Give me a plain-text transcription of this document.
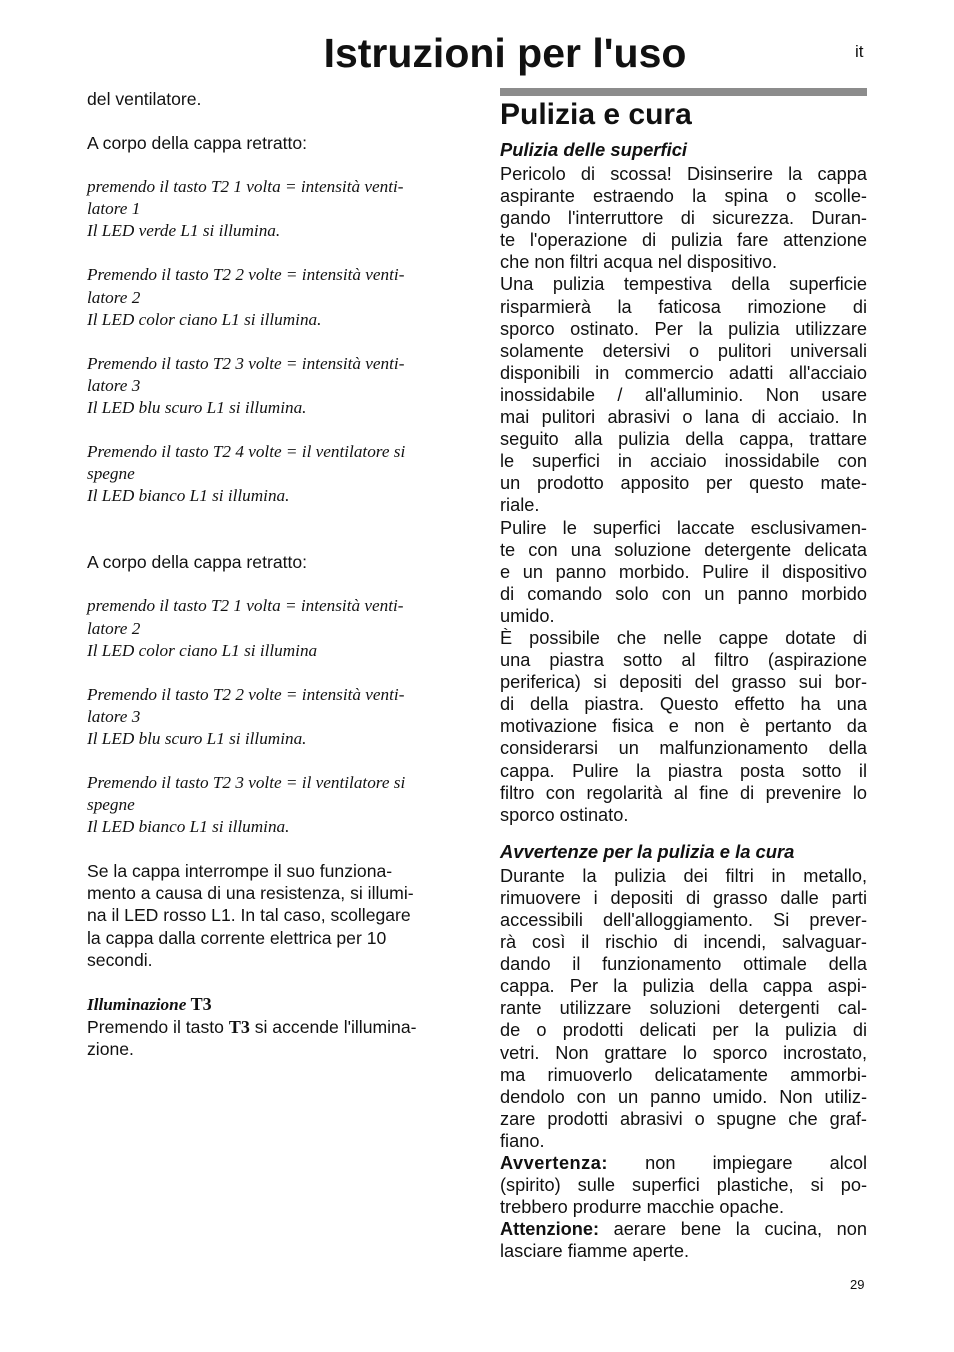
Istruzioni per l'uso	it
del ventilatore.
A corpo della cappa retratto:
premendo il tasto T2 1 volta = intensità venti-
latore 1
Il LED verde L1 si illumina.
Premendo il tasto T2 2 volte = intensità venti-
latore 2
Il LED color ciano L1 si illumina.
Premendo il tasto T2 3 volte = intensità venti-
latore 3
Il LED blu scuro L1 si illumina.
Premendo il tasto T2 4 volte = il ventilatore si
spegne
Il LED bianco L1 si illumina.
A corpo della cappa retratto:
premendo il tasto T2 1 volta = intensità venti-
latore 2
Il LED color ciano L1 si illumina
Premendo il tasto T2 2 volte = intensità venti-
latore 3
Il LED blu scuro L1 si illumina.
Premendo il tasto T2 3 volte = il ventilatore si
spegne
Il LED bianco L1 si illumina.
Se la cappa interrompe il suo funziona-
mento a causa di una resistenza, si illumi-
na il LED rosso L1. In tal caso, scollegare
la cappa dalla corrente elettrica per 10
secondi.
Illuminazione T3
Premendo il tasto T3 si accende l'illumina-
zione.
Pulizia e cura
Pulizia delle superfici
Pericolo di scossa! Disinserire la cappa
aspirante estraendo la spina o scolle-
gando l'interruttore di sicurezza. Duran-
te l'operazione di pulizia fare attenzione
che non filtri acqua nel dispositivo.
Una pulizia tempestiva della superficie
risparmierà la faticosa rimozione di
sporco ostinato. Per la pulizia utilizzare
solamente detersivi o pulitori universali
disponibili in commercio adatti all'acciaio
inossidabile / all'alluminio. Non usare
mai pulitori abrasivi o lana di acciaio. In
seguito alla pulizia della cappa, trattare
le superfici in acciaio inossidabile con
un prodotto apposito per questo mate-
riale.
Pulire le superfici laccate esclusivamen-
te con una soluzione detergente delicata
e un panno morbido. Pulire il dispositivo
di comando solo con un panno morbido
umido.
È possibile che nelle cappe dotate di
una piastra sotto al filtro (aspirazione
periferica) si depositi del grasso sui bor-
di della piastra. Questo effetto ha una
motivazione fisica e non è pertanto da
considerarsi un malfunzionamento della
cappa. Pulire la piastra posta sotto il
filtro con regolarità al fine di prevenire lo
sporco ostinato.
Avvertenze per la pulizia e la cura
Durante la pulizia dei filtri in metallo,
rimuovere i depositi di grasso dalle parti
accessibili dell'alloggiamento. Si prever-
rà così il rischio di incendi, salvaguar-
dando il funzionamento ottimale della
cappa. Per la pulizia della cappa aspi-
rante utilizzare soluzioni detergenti cal-
de o prodotti delicati per la pulizia di
vetri. Non grattare lo sporco incrostato,
ma rimuoverlo delicatamente ammorbi-
dendolo con un panno umido. Non utiliz-
zare prodotti abrasivi o spugne che graf-
fiano.
Avvertenza: non impiegare alcol
(spirito) sulle superfici plastiche, si po-
trebbero produrre macchie opache.
Attenzione: aerare bene la cucina, non
lasciare fiamme aperte.
29
